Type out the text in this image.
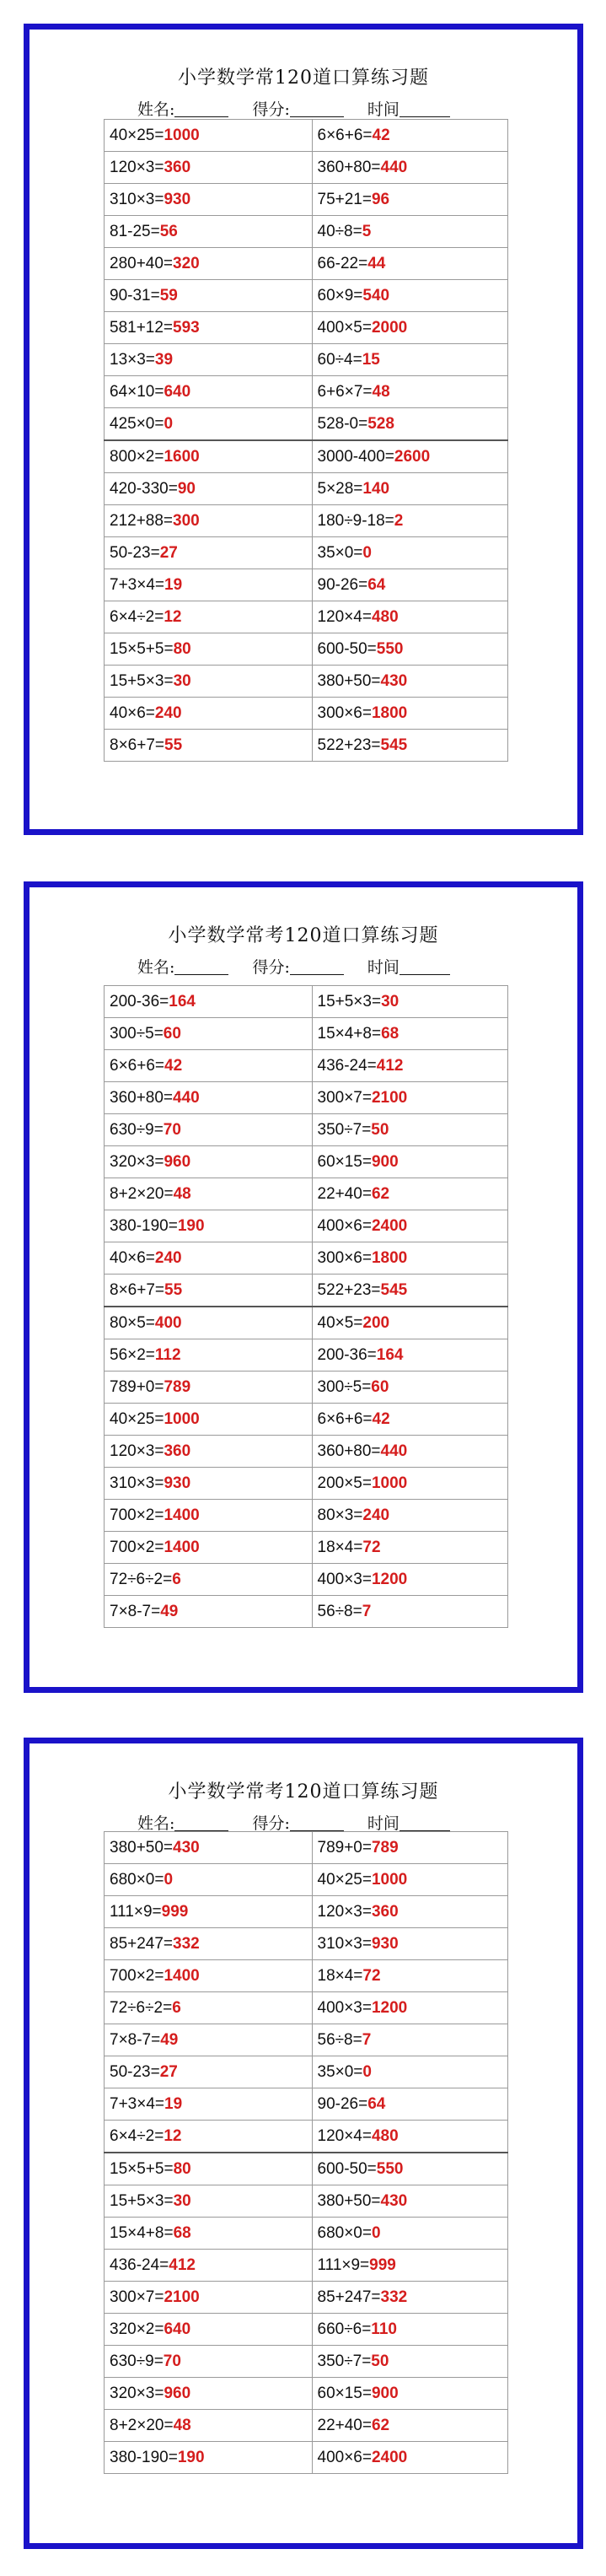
小学数学常120道口算练习题
姓名:	得分:	时间
40×25=1000	6×6+6=42
120×3=360	360+80=440
310×3=930	75+21=96
81-25=56	40÷8=5
280+40=320	66-22=44
90-31=59	60×9=540
581+12=593	400×5=2000
13×3=39	60÷4=15
64×10=640	6+6×7=48
425×0=0	528-0=528
800×2=1600	3000-400=2600
420-330=90	5×28=140
212+88=300	180÷9-18=2
50-23=27	35×0=0
7+3×4=19	90-26=64
6×4÷2=12	120×4=480
15×5+5=80	600-50=550
15+5×3=30	380+50=430
40×6=240	300×6=1800
8×6+7=55	522+23=545
小学数学常考120道口算练习题
姓名:	得分:	时间
200-36=164	15+5×3=30
300÷5=60	15×4+8=68
6×6+6=42	436-24=412
360+80=440	300×7=2100
630÷9=70	350÷7=50
320×3=960	60×15=900
8+2×20=48	22+40=62
380-190=190	400×6=2400
40×6=240	300×6=1800
8×6+7=55	522+23=545
80×5=400	40×5=200
56×2=112	200-36=164
789+0=789	300÷5=60
40×25=1000	6×6+6=42
120×3=360	360+80=440
310×3=930	200×5=1000
700×2=1400	80×3=240
700×2=1400	18×4=72
72÷6÷2=6	400×3=1200
7×8-7=49	56÷8=7
小学数学常考120道口算练习题
姓名:	得分:	时间
380+50=430	789+0=789
680×0=0	40×25=1000
111×9=999	120×3=360
85+247=332	310×3=930
700×2=1400	18×4=72
72÷6÷2=6	400×3=1200
7×8-7=49	56÷8=7
50-23=27	35×0=0
7+3×4=19	90-26=64
6×4÷2=12	120×4=480
15×5+5=80	600-50=550
15+5×3=30	380+50=430
15×4+8=68	680×0=0
436-24=412	111×9=999
300×7=2100	85+247=332
320×2=640	660÷6=110
630÷9=70	350÷7=50
320×3=960	60×15=900
8+2×20=48	22+40=62
380-190=190	400×6=2400
